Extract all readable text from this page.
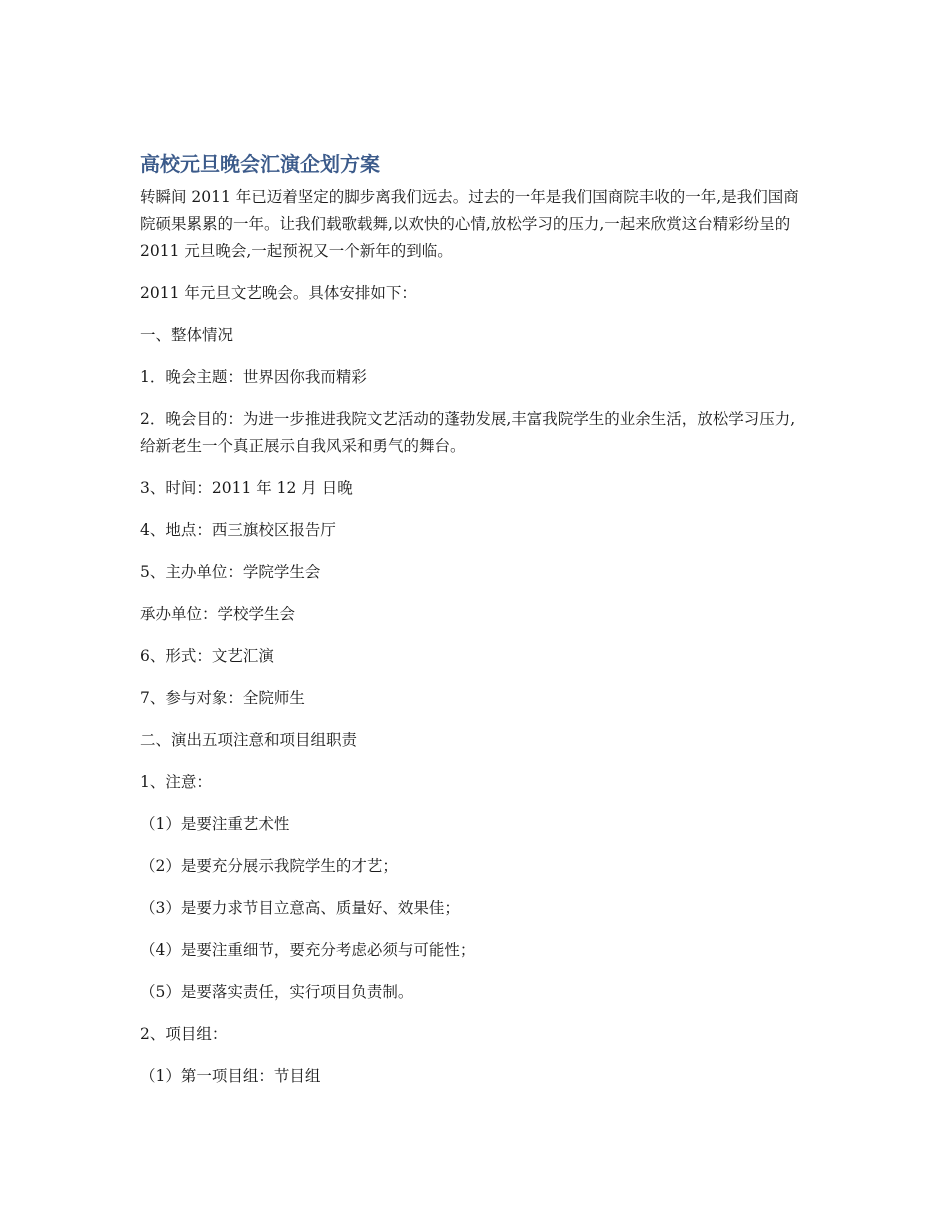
高校元旦晚会汇演企划方案

转瞬间 2011 年已迈着坚定的脚步离我们远去。过去的一年是我们国商院丰收的一年,是我们国商院硕果累累的一年。让我们载歌载舞,以欢快的心情,放松学习的压力,一起来欣赏这台精彩纷呈的 2011 元旦晚会,一起预祝又一个新年的到临。

2011 年元旦文艺晚会。具体安排如下：

一、整体情况

1．晚会主题：世界因你我而精彩

2．晚会目的：为进一步推进我院文艺活动的蓬勃发展,丰富我院学生的业余生活，放松学习压力,给新老生一个真正展示自我风采和勇气的舞台。

3、时间：2011 年 12 月 日晚

4、地点：西三旗校区报告厅

5、主办单位：学院学生会

承办单位：学校学生会

6、形式：文艺汇演

7、参与对象：全院师生

二、演出五项注意和项目组职责

1、注意：

（1）是要注重艺术性

（2）是要充分展示我院学生的才艺；

（3）是要力求节目立意高、质量好、效果佳；

（4）是要注重细节，要充分考虑必须与可能性；

（5）是要落实责任，实行项目负责制。

2、项目组：

（1）第一项目组：节目组
